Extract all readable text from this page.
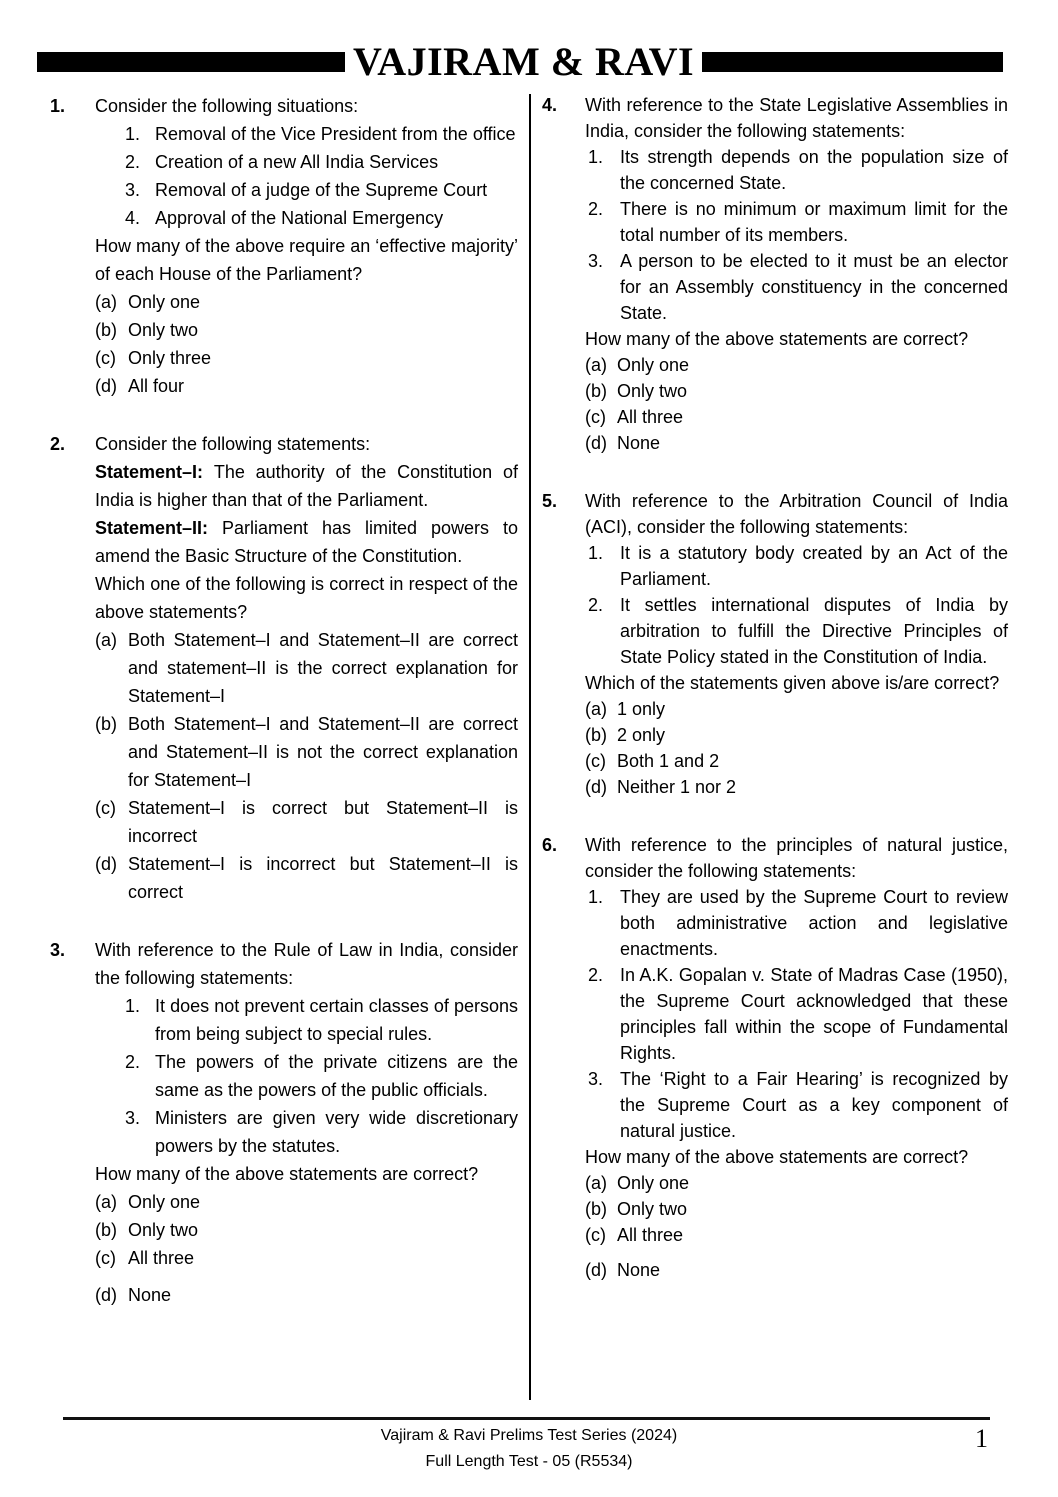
VAJIRAM & RAVI
1.	Consider the following situations:
1. Removal of the Vice President from the office
2. Creation of a new All India Services
3. Removal of a judge of the Supreme Court
4. Approval of the National Emergency
How many of the above require an ‘effective majority’ of each House of the Parliament?
(a) Only one
(b) Only two
(c) Only three
(d) All four
2.	Consider the following statements:
Statement–I: The authority of the Constitution of India is higher than that of the Parliament.
Statement–II: Parliament has limited powers to amend the Basic Structure of the Constitution.
Which one of the following is correct in respect of the above statements?
(a) Both Statement–I and Statement–II are correct and statement–II is the correct explanation for Statement–I
(b) Both Statement–I and Statement–II are correct and Statement–II is not the correct explanation for Statement–I
(c) Statement–I is correct but Statement–II is incorrect
(d) Statement–I is incorrect but Statement–II is correct
3.	With reference to the Rule of Law in India, consider the following statements:
1. It does not prevent certain classes of persons from being subject to special rules.
2. The powers of the private citizens are the same as the powers of the public officials.
3. Ministers are given very wide discretionary powers by the statutes.
How many of the above statements are correct?
(a) Only one
(b) Only two
(c) All three
(d) None
4.	With reference to the State Legislative Assemblies in India, consider the following statements:
1. Its strength depends on the population size of the concerned State.
2. There is no minimum or maximum limit for the total number of its members.
3. A person to be elected to it must be an elector for an Assembly constituency in the concerned State.
How many of the above statements are correct?
(a) Only one
(b) Only two
(c) All three
(d) None
5.	With reference to the Arbitration Council of India (ACI), consider the following statements:
1. It is a statutory body created by an Act of the Parliament.
2. It settles international disputes of India by arbitration to fulfill the Directive Principles of State Policy stated in the Constitution of India.
Which of the statements given above is/are correct?
(a) 1 only
(b) 2 only
(c) Both 1 and 2
(d) Neither 1 nor 2
6.	With reference to the principles of natural justice, consider the following statements:
1. They are used by the Supreme Court to review both administrative action and legislative enactments.
2. In A.K. Gopalan v. State of Madras Case (1950), the Supreme Court acknowledged that these principles fall within the scope of Fundamental Rights.
3. The ‘Right to a Fair Hearing’ is recognized by the Supreme Court as a key component of natural justice.
How many of the above statements are correct?
(a) Only one
(b) Only two
(c) All three
(d) None
Vajiram & Ravi Prelims Test Series (2024)
Full Length Test - 05 (R5534)
1
